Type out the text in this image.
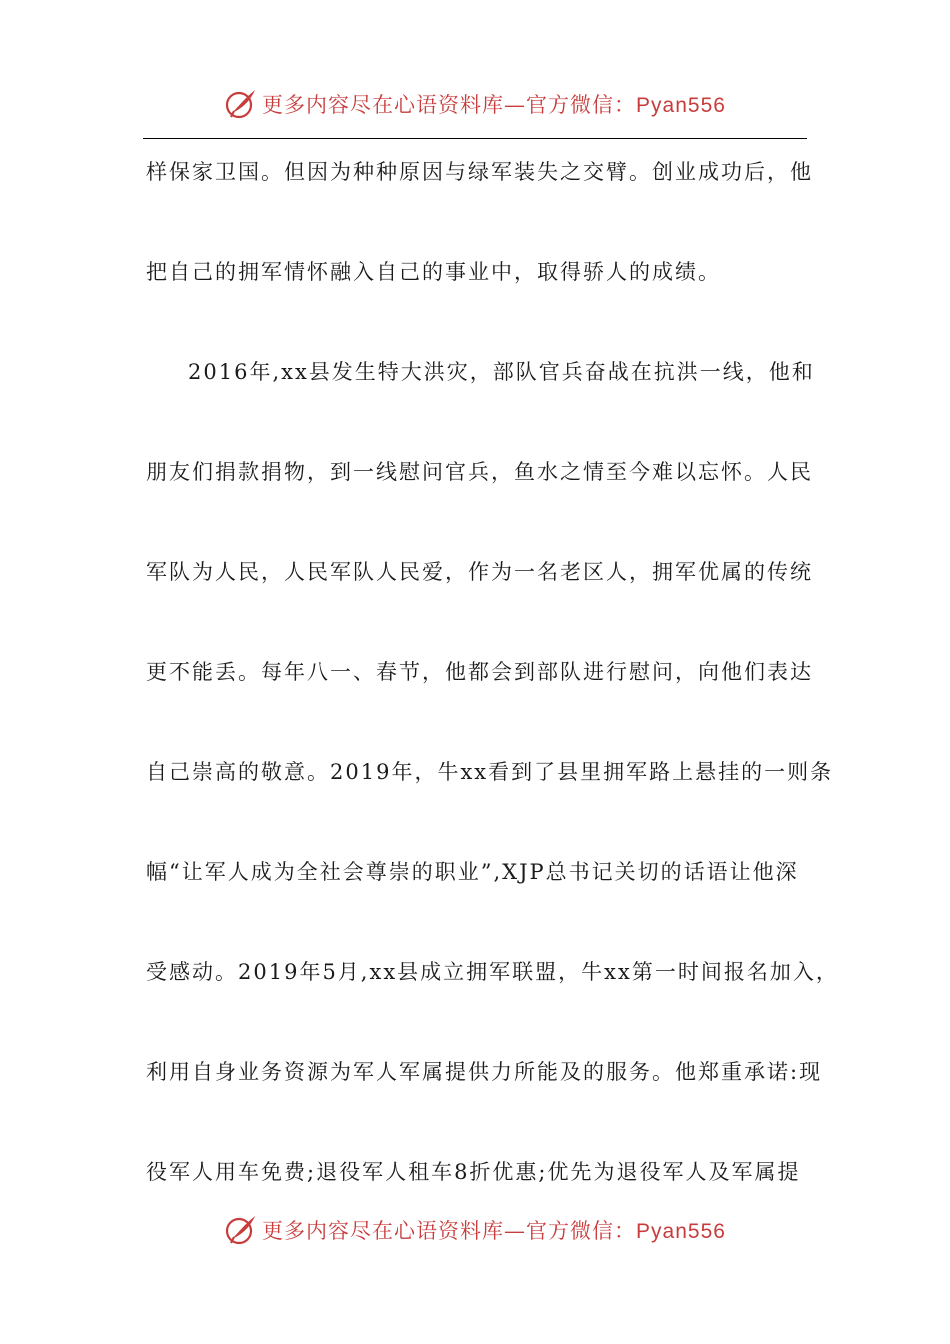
更多内容尽在心语资料库—官方微信：Pyan556
样保家卫国。但因为种种原因与绿军装失之交臂。创业成功后，他
把自己的拥军情怀融入自己的事业中，取得骄人的成绩。
2016年,xx县发生特大洪灾，部队官兵奋战在抗洪一线，他和
朋友们捐款捐物，到一线慰问官兵，鱼水之情至今难以忘怀。人民
军队为人民，人民军队人民爱，作为一名老区人，拥军优属的传统
更不能丢。每年八一、春节，他都会到部队进行慰问，向他们表达
自己崇高的敬意。2019年，牛xx看到了县里拥军路上悬挂的一则条
幅“让军人成为全社会尊崇的职业”,XJP总书记关切的话语让他深
受感动。2019年5月,xx县成立拥军联盟，牛xx第一时间报名加入，
利用自身业务资源为军人军属提供力所能及的服务。他郑重承诺:现
役军人用车免费;退役军人租车8折优惠;优先为退役军人及军属提
更多内容尽在心语资料库—官方微信：Pyan556
